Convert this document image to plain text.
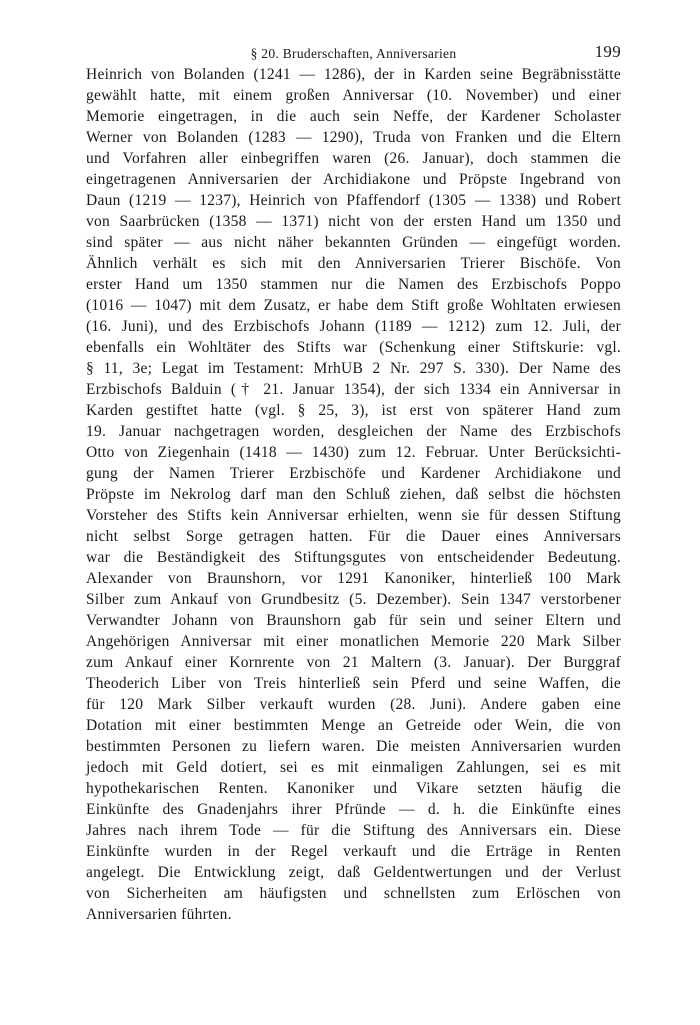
§ 20. Bruderschaften, Anniversarien	199

Heinrich von Bolanden (1241 — 1286), der in Karden seine Begräbnisstätte
gewählt hatte, mit einem großen Anniversar (10. November) und einer
Memorie eingetragen, in die auch sein Neffe, der Kardener Scholaster
Werner von Bolanden (1283 — 1290), Truda von Franken und die Eltern
und Vorfahren aller einbegriffen waren (26. Januar), doch stammen die
eingetragenen Anniversarien der Archidiakone und Pröpste Ingebrand von
Daun (1219 — 1237), Heinrich von Pfaffendorf (1305 — 1338) und Robert
von Saarbrücken (1358 — 1371) nicht von der ersten Hand um 1350 und
sind später — aus nicht näher bekannten Gründen — eingefügt worden.
Ähnlich verhält es sich mit den Anniversarien Trierer Bischöfe. Von
erster Hand um 1350 stammen nur die Namen des Erzbischofs Poppo
(1016 — 1047) mit dem Zusatz, er habe dem Stift große Wohltaten erwiesen
(16. Juni), und des Erzbischofs Johann (1189 — 1212) zum 12. Juli, der
ebenfalls ein Wohltäter des Stifts war (Schenkung einer Stiftskurie: vgl.
§ 11, 3e; Legat im Testament: MrhUB 2 Nr. 297 S. 330). Der Name des
Erzbischofs Balduin († 21. Januar 1354), der sich 1334 ein Anniversar in
Karden gestiftet hatte (vgl. § 25, 3), ist erst von späterer Hand zum
19. Januar nachgetragen worden, desgleichen der Name des Erzbischofs
Otto von Ziegenhain (1418 — 1430) zum 12. Februar. Unter Berücksichti-
gung der Namen Trierer Erzbischöfe und Kardener Archidiakone und
Pröpste im Nekrolog darf man den Schluß ziehen, daß selbst die höchsten
Vorsteher des Stifts kein Anniversar erhielten, wenn sie für dessen Stiftung
nicht selbst Sorge getragen hatten. Für die Dauer eines Anniversars
war die Beständigkeit des Stiftungsgutes von entscheidender Bedeutung.
Alexander von Braunshorn, vor 1291 Kanoniker, hinterließ 100 Mark
Silber zum Ankauf von Grundbesitz (5. Dezember). Sein 1347 verstorbener
Verwandter Johann von Braunshorn gab für sein und seiner Eltern und
Angehörigen Anniversar mit einer monatlichen Memorie 220 Mark Silber
zum Ankauf einer Kornrente von 21 Maltern (3. Januar). Der Burggraf
Theoderich Liber von Treis hinterließ sein Pferd und seine Waffen, die
für 120 Mark Silber verkauft wurden (28. Juni). Andere gaben eine
Dotation mit einer bestimmten Menge an Getreide oder Wein, die von
bestimmten Personen zu liefern waren. Die meisten Anniversarien wurden
jedoch mit Geld dotiert, sei es mit einmaligen Zahlungen, sei es mit
hypothekarischen Renten. Kanoniker und Vikare setzten häufig die
Einkünfte des Gnadenjahrs ihrer Pfründe — d. h. die Einkünfte eines
Jahres nach ihrem Tode — für die Stiftung des Anniversars ein. Diese
Einkünfte wurden in der Regel verkauft und die Erträge in Renten
angelegt. Die Entwicklung zeigt, daß Geldentwertungen und der Verlust
von Sicherheiten am häufigsten und schnellsten zum Erlöschen von
Anniversarien führten.
